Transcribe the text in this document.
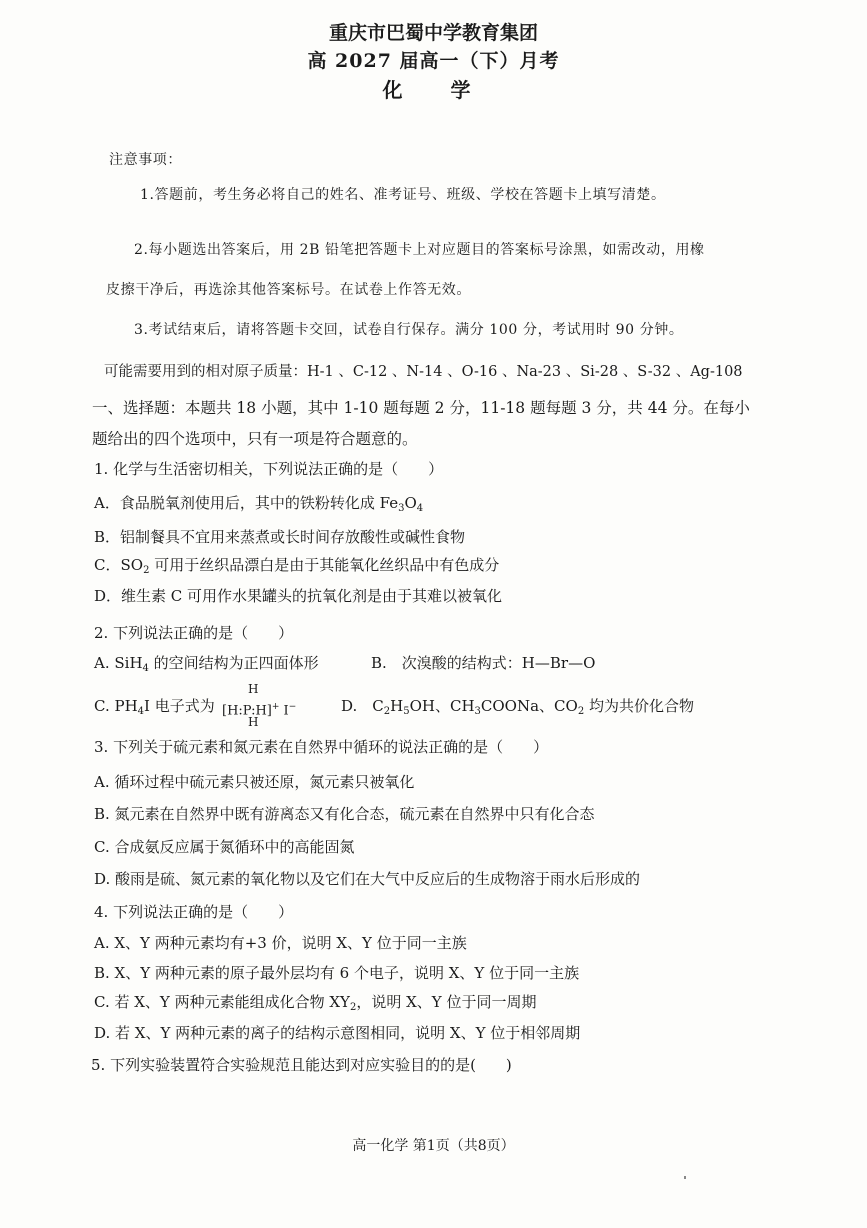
重庆市巴蜀中学教育集团
高 2027 届高一（下）月考
化　学
注意事项：
1.答题前，考生务必将自己的姓名、准考证号、班级、学校在答题卡上填写清楚。
2.每小题选出答案后，用 2B 铅笔把答题卡上对应题目的答案标号涂黑，如需改动，用橡
皮擦干净后，再选涂其他答案标号。在试卷上作答无效。
3.考试结束后，请将答题卡交回，试卷自行保存。满分 100 分，考试用时 90 分钟。
可能需要用到的相对原子质量：H-1 、C-12 、N-14 、O-16 、Na-23 、Si-28 、S-32 、Ag-108
一、选择题：本题共 18 小题，其中 1-10 题每题 2 分，11-18 题每题 3 分，共 44 分。在每小
题给出的四个选项中，只有一项是符合题意的。
1. 化学与生活密切相关，下列说法正确的是（　　）
A．食品脱氧剂使用后，其中的铁粉转化成 $Fe_3O_4$
B．铝制餐具不宜用来蒸煮或长时间存放酸性或碱性食物
C．$SO_2$ 可用于丝织品漂白是由于其能氧化丝织品中有色成分
D．维生素 C 可用作水果罐头的抗氧化剂是由于其难以被氧化
2. 下列说法正确的是（　　）
A. SiH$_4$ 的空间结构为正四面体形	B.　次溴酸的结构式：H—Br—O
C. $PH_4I$ 电子式为
H
[H:P:H]+ I−
H
D.　$C_2H_5OH$、$CH_3COONa$、$CO_2$ 均为共价化合物
3. 下列关于硫元素和氮元素在自然界中循环的说法正确的是（　　）
A. 循环过程中硫元素只被还原，氮元素只被氧化
B. 氮元素在自然界中既有游离态又有化合态，硫元素在自然界中只有化合态
C. 合成氨反应属于氮循环中的高能固氮
D. 酸雨是硫、氮元素的氧化物以及它们在大气中反应后的生成物溶于雨水后形成的
4. 下列说法正确的是（　　）
A. X、Y 两种元素均有+3 价，说明 X、Y 位于同一主族
B. X、Y 两种元素的原子最外层均有 6 个电子，说明 X、Y 位于同一主族
C. 若 X、Y 两种元素能组成化合物 $XY_2$，说明 X、Y 位于同一周期
D. 若 X、Y 两种元素的离子的结构示意图相同，说明 X、Y 位于相邻周期
5. 下列实验装置符合实验规范且能达到对应实验目的的是(　　)
高一化学 第1页（共8页）
